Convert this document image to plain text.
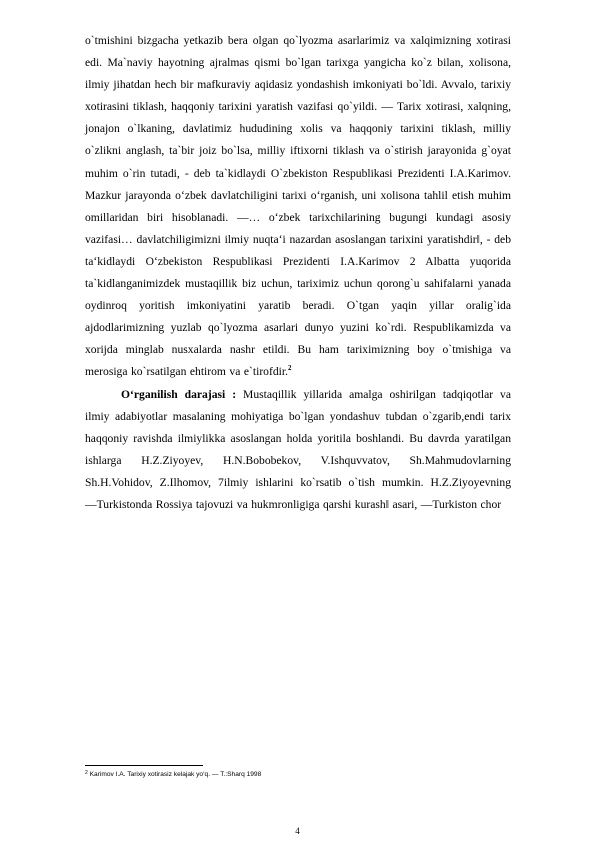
o`tmishini bizgacha yetkazib bera olgan qo`lyozma asarlarimiz va xalqimizning xotirasi edi. Ma`naviy hayotning ajralmas qismi bo`lgan tarixga yangicha ko`z bilan, xolisona, ilmiy jihatdan hech bir mafkuraviy aqidasiz yondashish imkoniyati bo`ldi. Avvalo, tarixiy xotirasini tiklash, haqqoniy tarixini yaratish vazifasi qo`yildi. ― Tarix xotirasi, xalqning, jonajon o`lkaning, davlatimiz hududining xolis va haqqoniy tarixini tiklash, milliy o`zlikni anglash, ta`bir joiz bo`lsa, milliy iftixorni tiklash va o`stirish jarayonida g`oyat muhim o`rin tutadi, - deb ta`kidlaydi O`zbekiston Respublikasi Prezidenti I.A.Karimov. Mazkur jarayonda o‘zbek davlatchiligini tarixi o‘rganish, uni xolisona tahlil etish muhim omillaridan biri hisoblanadi. ―… o‘zbek tarixchilarining bugungi kundagi asosiy vazifasi… davlatchiligimizni ilmiy nuqta‘i nazardan asoslangan tarixini yaratishdir‖, - deb ta‘kidlaydi O‘zbekiston Respublikasi Prezidenti I.A.Karimov 2 Albatta yuqorida ta`kidlanganimizdek mustaqillik biz uchun, tariximiz uchun qorong`u sahifalarni yanada oydinroq yoritish imkoniyatini yaratib beradi. O`tgan yaqin yillar oralig`ida ajdodlarimizning yuzlab qo`lyozma asarlari dunyo yuzini ko`rdi. Respublikamizda va xorijda minglab nusxalarda nashr etildi. Bu ham tariximizning boy o`tmishiga va merosiga ko`rsatilgan ehtirom va e`tirofdir.$^2$

O‘rganilish darajasi : Mustaqillik yillarida amalga oshirilgan tadqiqotlar va ilmiy adabiyotlar masalaning mohiyatiga bo`lgan yondashuv tubdan o`zgarib,endi tarix haqqoniy ravishda ilmiylikka asoslangan holda yoritila boshlandi. Bu davrda yaratilgan ishlarga H.Z.Ziyoyev, H.N.Bobobekov, V.Ishquvvatov, Sh.Mahmudovlarning Sh.H.Vohidov, Z.Ilhomov, 7ilmiy ishlarini ko`rsatib o`tish mumkin. H.Z.Ziyoyevning ―Turkistonda Rossiya tajovuzi va hukmronligiga qarshi kurash‖ asari, ―Turkiston chor

$^2$ Karimov I.A. Tarixiy xotirasiz kelajak yo‘q. ― T.:Sharq 1998
4
